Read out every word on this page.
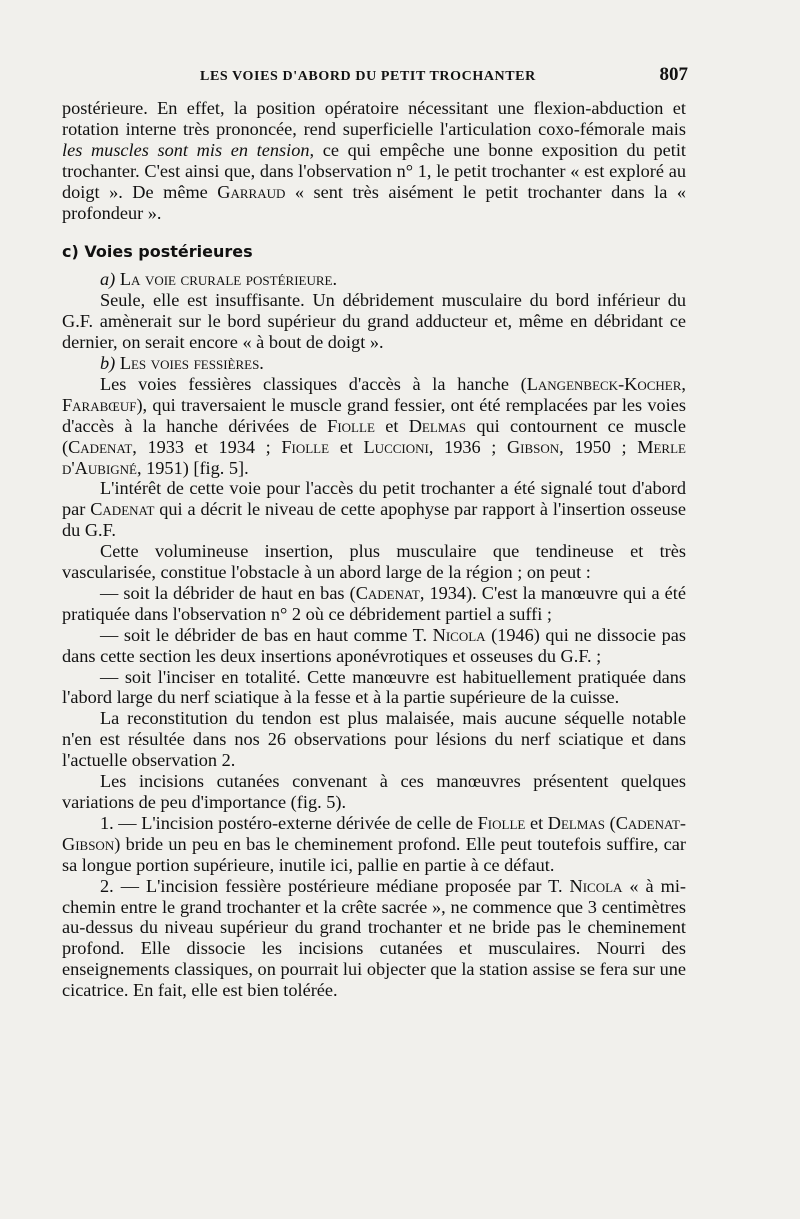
LES VOIES D'ABORD DU PETIT TROCHANTER	807

postérieure. En effet, la position opératoire nécessitant une flexion-abduction et rotation interne très prononcée, rend superficielle l'articulation coxo-fémorale mais les muscles sont mis en tension, ce qui empêche une bonne exposition du petit trochanter. C'est ainsi que, dans l'observation n° 1, le petit trochanter « est exploré au doigt ». De même Garraud « sent très aisément le petit trochanter dans la « profondeur ».

c) Voies postérieures

a) La voie crurale postérieure.

Seule, elle est insuffisante. Un débridement musculaire du bord inférieur du G.F. amènerait sur le bord supérieur du grand adducteur et, même en débridant ce dernier, on serait encore « à bout de doigt ».

b) Les voies fessières.

Les voies fessières classiques d'accès à la hanche (Langenbeck-Kocher, Farabœuf), qui traversaient le muscle grand fessier, ont été remplacées par les voies d'accès à la hanche dérivées de Fiolle et Delmas qui contournent ce muscle (Cadenat, 1933 et 1934 ; Fiolle et Luccioni, 1936 ; Gibson, 1950 ; Merle d'Aubigné, 1951) [fig. 5].

L'intérêt de cette voie pour l'accès du petit trochanter a été signalé tout d'abord par Cadenat qui a décrit le niveau de cette apophyse par rapport à l'insertion osseuse du G.F.

Cette volumineuse insertion, plus musculaire que tendineuse et très vascularisée, constitue l'obstacle à un abord large de la région ; on peut :

— soit la débrider de haut en bas (Cadenat, 1934). C'est la manœuvre qui a été pratiquée dans l'observation n° 2 où ce débridement partiel a suffi ;

— soit le débrider de bas en haut comme T. Nicola (1946) qui ne dissocie pas dans cette section les deux insertions aponévrotiques et osseuses du G.F. ;

— soit l'inciser en totalité. Cette manœuvre est habituellement pratiquée dans l'abord large du nerf sciatique à la fesse et à la partie supérieure de la cuisse.

La reconstitution du tendon est plus malaisée, mais aucune séquelle notable n'en est résultée dans nos 26 observations pour lésions du nerf sciatique et dans l'actuelle observation 2.

Les incisions cutanées convenant à ces manœuvres présentent quelques variations de peu d'importance (fig. 5).

1. — L'incision postéro-externe dérivée de celle de Fiolle et Delmas (Cadenat-Gibson) bride un peu en bas le cheminement profond. Elle peut toutefois suffire, car sa longue portion supérieure, inutile ici, pallie en partie à ce défaut.

2. — L'incision fessière postérieure médiane proposée par T. Nicola « à mi-chemin entre le grand trochanter et la crête sacrée », ne commence que 3 centimètres au-dessus du niveau supérieur du grand trochanter et ne bride pas le cheminement profond. Elle dissocie les incisions cutanées et musculaires. Nourri des enseignements classiques, on pourrait lui objecter que la station assise se fera sur une cicatrice. En fait, elle est bien tolérée.
